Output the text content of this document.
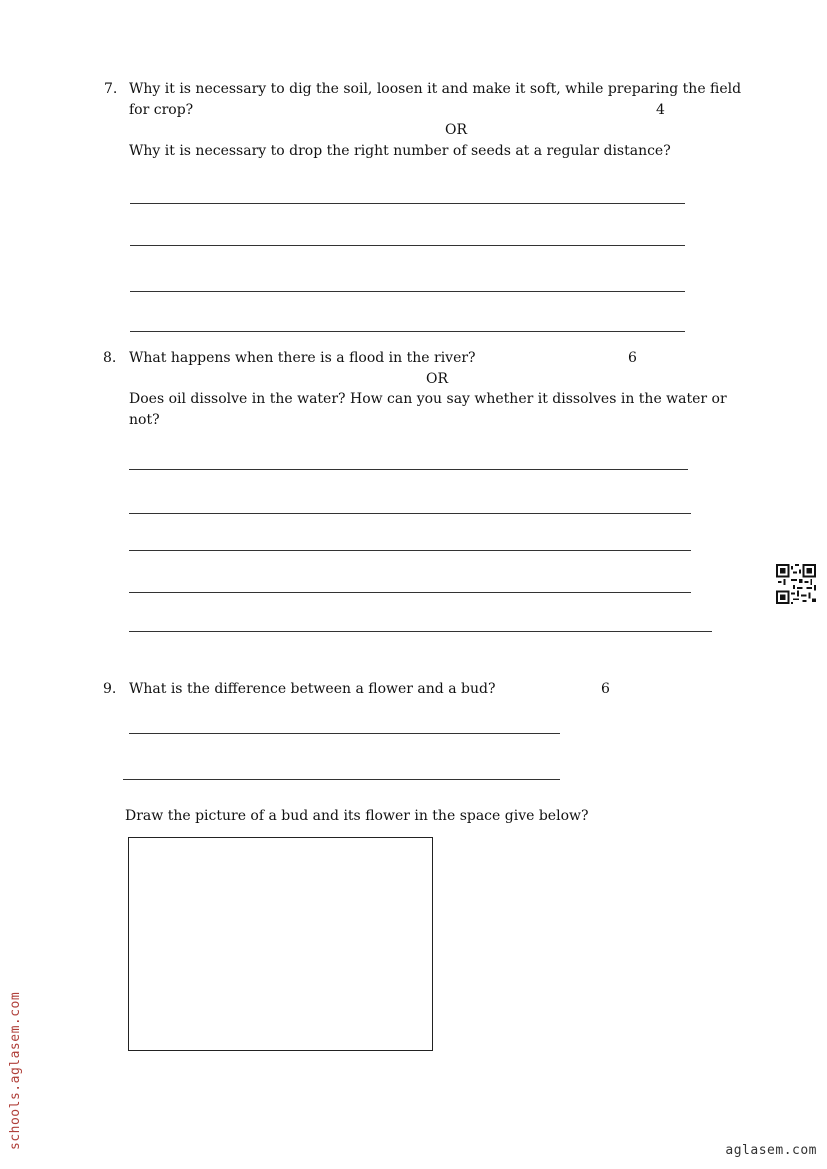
7. Why it is necessary to dig the soil, loosen it and make it soft, while preparing the field

for crop?	4

OR

Why it is necessary to drop the right number of seeds at a regular distance?

8. What happens when there is a flood in the river?	6

OR

Does oil dissolve in the water? How can you say whether it dissolves in the water or

not?

9. What is the difference between a flower and a bud?	6

Draw the picture of a bud and its flower in the space give below?

schools.aglasem.com
aglasem.com
